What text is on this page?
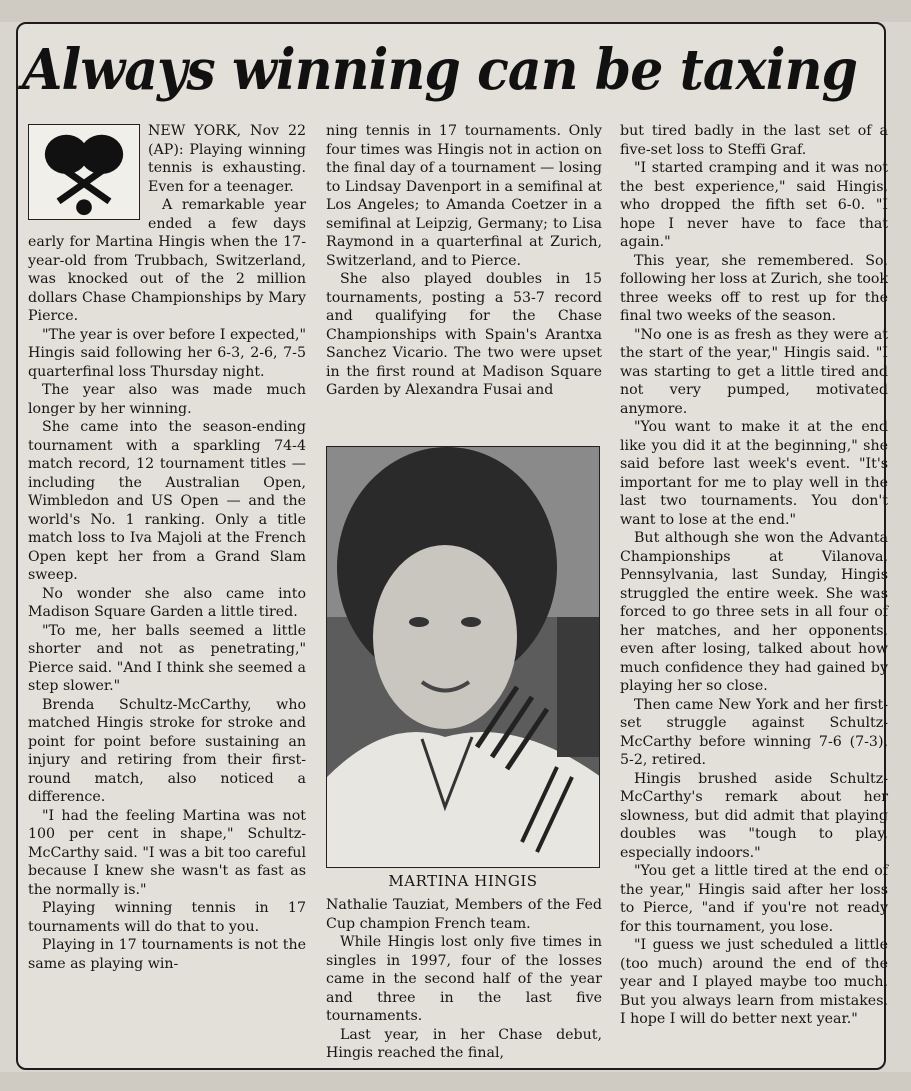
Always winning can be taxing

NEW YORK, Nov 22 (AP): Playing winning tennis is exhausting. Even for a teenager.

A remarkable year ended a few days early for Martina Hingis when the 17-year-old from Trubbach, Switzerland, was knocked out of the 2 million dollars Chase Championships by Mary Pierce.

"The year is over before I expected," Hingis said following her 6-3, 2-6, 7-5 quarterfinal loss Thursday night.

The year also was made much longer by her winning.

She came into the season-ending tournament with a sparkling 74-4 match record, 12 tournament titles — including the Australian Open, Wimbledon and US Open — and the world's No. 1 ranking. Only a title match loss to Iva Majoli at the French Open kept her from a Grand Slam sweep.

No wonder she also came into Madison Square Garden a little tired.

"To me, her balls seemed a little shorter and not as penetrating," Pierce said. "And I think she seemed a step slower."

Brenda Schultz-McCarthy, who matched Hingis stroke for stroke and point for point before sustaining an injury and retiring from their first-round match, also noticed a difference.

"I had the feeling Martina was not 100 per cent in shape," Schultz-McCarthy said. "I was a bit too careful because I knew she wasn't as fast as the normally is."

Playing winning tennis in 17 tournaments will do that to you.

Playing in 17 tournaments is not the same as playing win-

ning tennis in 17 tournaments. Only four times was Hingis not in action on the final day of a tournament — losing to Lindsay Davenport in a semifinal at Los Angeles; to Amanda Coetzer in a semifinal at Leipzig, Germany; to Lisa Raymond in a quarterfinal at Zurich, Switzerland, and to Pierce.

She also played doubles in 15 tournaments, posting a 53-7 record and qualifying for the Chase Championships with Spain's Arantxa Sanchez Vicario. The two were upset in the first round at Madison Square Garden by Alexandra Fusai and

MARTINA HINGIS

Nathalie Tauziat, Members of the Fed Cup champion French team.

While Hingis lost only five times in singles in 1997, four of the losses came in the second half of the year and three in the last five tournaments.

Last year, in her Chase debut, Hingis reached the final,

but tired badly in the last set of a five-set loss to Steffi Graf.

"I started cramping and it was not the best experience," said Hingis, who dropped the fifth set 6-0. "I hope I never have to face that again."

This year, she remembered. So, following her loss at Zurich, she took three weeks off to rest up for the final two weeks of the season.

"No one is as fresh as they were at the start of the year," Hingis said. "I was starting to get a little tired and not very pumped, motivated anymore.

"You want to make it at the end like you did it at the beginning," she said before last week's event. "It's important for me to play well in the last two tournaments. You don't want to lose at the end."

But although she won the Advanta Championships at Vilanova, Pennsylvania, last Sunday, Hingis struggled the entire week. She was forced to go three sets in all four of her matches, and her opponents, even after losing, talked about how much confidence they had gained by playing her so close.

Then came New York and her first-set struggle against Schultz-McCarthy before winning 7-6 (7-3), 5-2, retired.

Hingis brushed aside Schultz-McCarthy's remark about her slowness, but did admit that playing doubles was "tough to play, especially indoors."

"You get a little tired at the end of the year," Hingis said after her loss to Pierce, "and if you're not ready for this tournament, you lose.

"I guess we just scheduled a little (too much) around the end of the year and I played maybe too much. But you always learn from mistakes. I hope I will do better next year."
